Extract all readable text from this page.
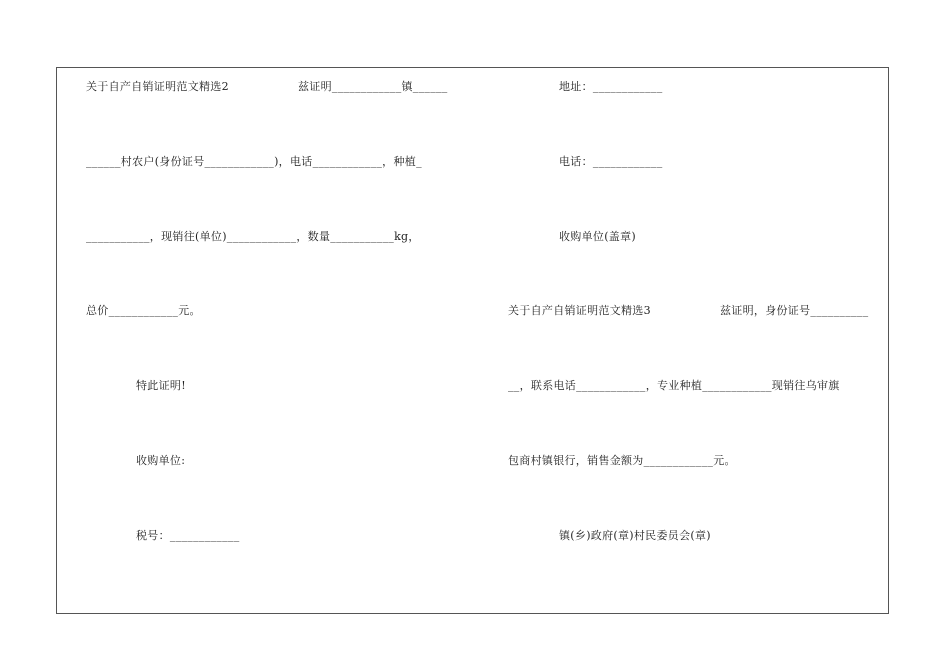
关于自产自销证明范文精选2	兹证明____________镇______
______村农户(身份证号____________)，电话____________，种植_
___________，现销往(单位)____________，数量___________kg，
总价____________元。
特此证明!
收购单位:
税号：____________
地址：____________
电话：____________
收购单位(盖章)
关于自产自销证明范文精选3	兹证明，身份证号__________
__，联系电话____________，专业种植____________现销往乌审旗
包商村镇银行，销售金额为____________元。
镇(乡)政府(章)村民委员会(章)
